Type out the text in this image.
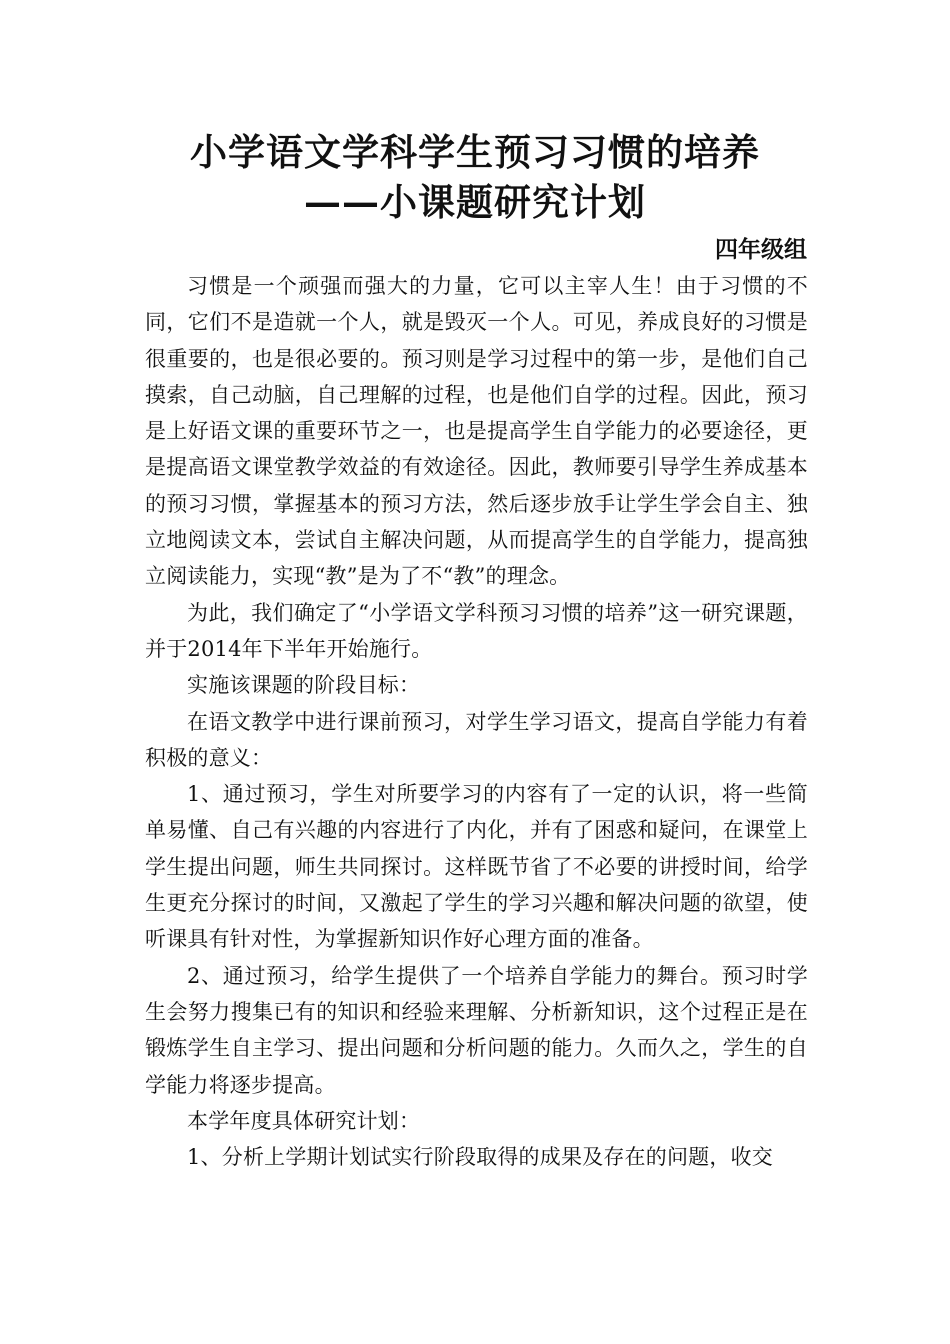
小学语文学科学生预习习惯的培养
——小课题研究计划

四年级组

习惯是一个顽强而强大的力量，它可以主宰人生！由于习惯的不同，它们不是造就一个人，就是毁灭一个人。可见，养成良好的习惯是很重要的，也是很必要的。预习则是学习过程中的第一步，是他们自己摸索，自己动脑，自己理解的过程，也是他们自学的过程。因此，预习是上好语文课的重要环节之一，也是提高学生自学能力的必要途径，更是提高语文课堂教学效益的有效途径。因此，教师要引导学生养成基本的预习习惯，掌握基本的预习方法，然后逐步放手让学生学会自主、独立地阅读文本，尝试自主解决问题，从而提高学生的自学能力，提高独立阅读能力，实现“教”是为了不“教”的理念。

为此，我们确定了“小学语文学科预习习惯的培养”这一研究课题，并于2014年下半年开始施行。

实施该课题的阶段目标：

在语文教学中进行课前预习，对学生学习语文，提高自学能力有着积极的意义：

1、通过预习，学生对所要学习的内容有了一定的认识，将一些简单易懂、自己有兴趣的内容进行了内化，并有了困惑和疑问，在课堂上学生提出问题，师生共同探讨。这样既节省了不必要的讲授时间，给学生更充分探讨的时间，又激起了学生的学习兴趣和解决问题的欲望，使听课具有针对性，为掌握新知识作好心理方面的准备。

2、通过预习，给学生提供了一个培养自学能力的舞台。预习时学生会努力搜集已有的知识和经验来理解、分析新知识，这个过程正是在锻炼学生自主学习、提出问题和分析问题的能力。久而久之，学生的自学能力将逐步提高。

本学年度具体研究计划：

1、分析上学期计划试实行阶段取得的成果及存在的问题，收交
